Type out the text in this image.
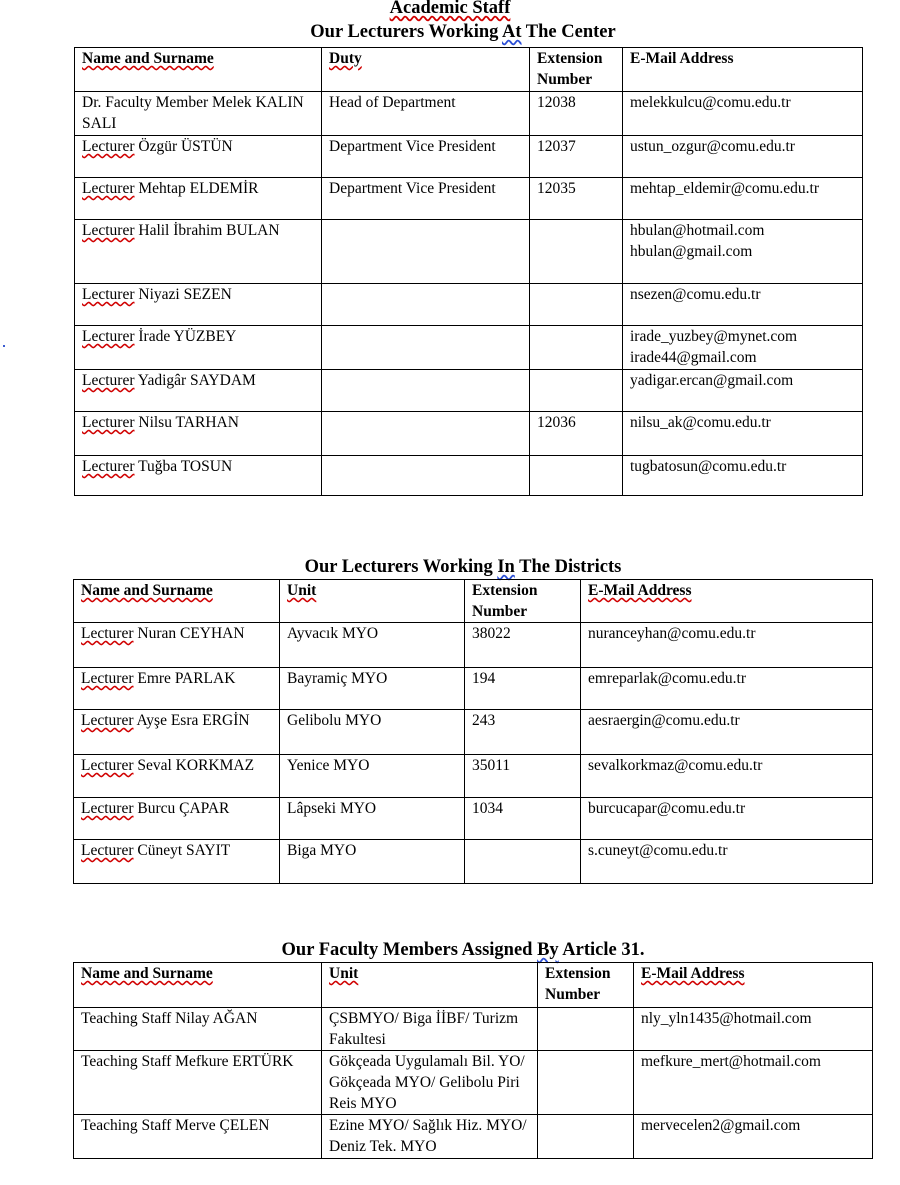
Academic Staff
Our Lecturers Working At The Center
Name and Surname	Duty	Extension Number	E-Mail Address
Dr. Faculty Member Melek KALIN SALI	Head of Department	12038	melekkulcu@comu.edu.tr
Lecturer Özgür ÜSTÜN	Department Vice President	12037	ustun_ozgur@comu.edu.tr
Lecturer Mehtap ELDEMİR	Department Vice President	12035	mehtap_eldemir@comu.edu.tr
Lecturer Halil İbrahim BULAN			hbulan@hotmail.com
hbulan@gmail.com
Lecturer Niyazi SEZEN			nsezen@comu.edu.tr
Lecturer İrade YÜZBEY			irade_yuzbey@mynet.com
irade44@gmail.com
Lecturer Yadigâr SAYDAM			yadigar.ercan@gmail.com
Lecturer Nilsu TARHAN		12036	nilsu_ak@comu.edu.tr
Lecturer Tuğba TOSUN			tugbatosun@comu.edu.tr
Our Lecturers Working In The Districts
Name and Surname	Unit	Extension Number	E-Mail Address
Lecturer Nuran CEYHAN	Ayvacık MYO	38022	nuranceyhan@comu.edu.tr
Lecturer Emre PARLAK	Bayramiç MYO	194	emreparlak@comu.edu.tr
Lecturer Ayşe Esra ERGİN	Gelibolu MYO	243	aesraergin@comu.edu.tr
Lecturer Seval KORKMAZ	Yenice MYO	35011	sevalkorkmaz@comu.edu.tr
Lecturer Burcu ÇAPAR	Lâpseki MYO	1034	burcucapar@comu.edu.tr
Lecturer Cüneyt SAYIT	Biga MYO		s.cuneyt@comu.edu.tr
Our Faculty Members Assigned By Article 31.
Name and Surname	Unit	Extension Number	E-Mail Address
Teaching Staff Nilay AĞAN	ÇSBMYO/ Biga İİBF/ Turizm Fakultesi		nly_yln1435@hotmail.com
Teaching Staff Mefkure ERTÜRK	Gökçeada Uygulamalı Bil. YO/ Gökçeada MYO/ Gelibolu Piri Reis MYO		mefkure_mert@hotmail.com
Teaching Staff Merve ÇELEN	Ezine MYO/ Sağlık Hiz. MYO/ Deniz Tek. MYO		mervecelen2@gmail.com
